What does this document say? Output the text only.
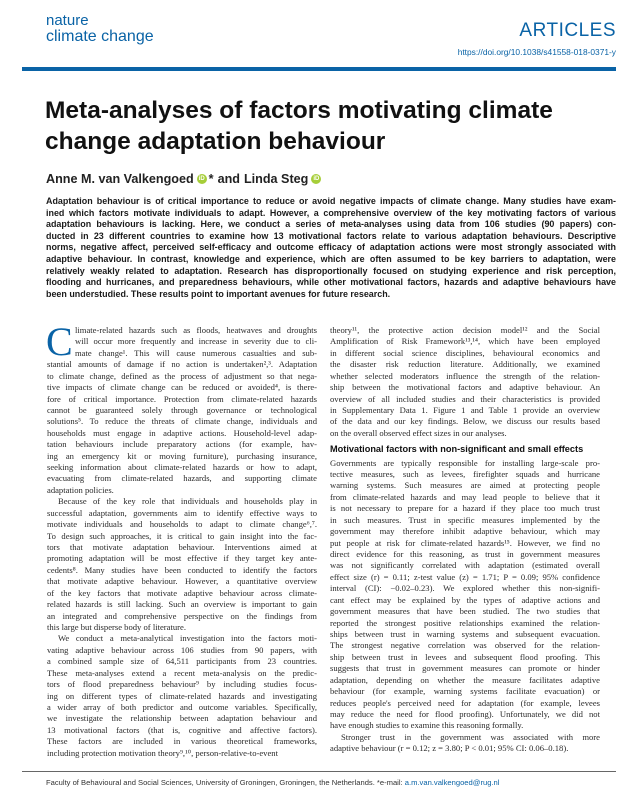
nature
climate change	ARTICLES
https://doi.org/10.1038/s41558-018-0371-y
Meta-analyses of factors motivating climate
change adaptation behaviour
Anne M. van Valkengoed iD * and Linda Steg iD
Adaptation behaviour is of critical importance to reduce or avoid negative impacts of climate change. Many studies have exam-
ined which factors motivate individuals to adapt. However, a comprehensive overview of the key motivating factors of various
adaptation behaviours is lacking. Here, we conduct a series of meta-analyses using data from 106 studies (90 papers) con-
ducted in 23 different countries to examine how 13 motivational factors relate to various adaptation behaviours. Descriptive
norms, negative affect, perceived self-efficacy and outcome efficacy of adaptation actions were most strongly associated with
adaptive behaviour. In contrast, knowledge and experience, which are often assumed to be key barriers to adaptation, were
relatively weakly related to adaptation. Research has disproportionally focused on studying experience and risk perception,
flooding and hurricanes, and preparedness behaviours, while other motivational factors, hazards and adaptive behaviours have
been understudied. These results point to important avenues for future research.
C limate-related hazards such as floods, heatwaves and droughts
will occur more frequently and increase in severity due to cli-
mate change¹. This will cause numerous casualties and sub-
stantial amounts of damage if no action is undertaken²,³. Adaptation
to climate change, defined as the process of adjustment so that nega-
tive impacts of climate change can be reduced or avoided⁴, is there-
fore of critical importance. Protection from climate-related hazards
cannot be guaranteed solely through governance or technological
solutions⁵. To reduce the threats of climate change, individuals and
households must engage in adaptive actions. Household-level adap-
tation behaviours include preparatory actions (for example, hav-
ing an emergency kit or moving furniture), purchasing insurance,
seeking information about climate-related hazards or how to adapt,
evacuating from climate-related hazards, and supporting climate
adaptation policies.
Because of the key role that individuals and households play in
successful adaptation, governments aim to identify effective ways to
motivate individuals and households to adapt to climate change⁶,⁷.
To design such approaches, it is critical to gain insight into the fac-
tors that motivate adaptation behaviour. Interventions aimed at
promoting adaptation will be most effective if they target key ante-
cedents⁸. Many studies have been conducted to identify the factors
that motivate adaptive behaviour. However, a quantitative overview
of the key factors that motivate adaptive behaviour across climate-
related hazards is still lacking. Such an overview is important to gain
an integrated and comprehensive perspective on the findings from
this large but disperse body of literature.
We conduct a meta-analytical investigation into the factors moti-
vating adaptive behaviour across 106 studies from 90 papers, with
a combined sample size of 64,511 participants from 23 countries.
These meta-analyses extend a recent meta-analysis on the predic-
tors of flood preparedness behaviour⁹ by including studies focus-
ing on different types of climate-related hazards and investigating
a wider array of both predictor and outcome variables. Specifically,
we investigate the relationship between adaptation behaviour and
13 motivational factors (that is, cognitive and affective factors).
These factors are included in various theoretical frameworks,
including protection motivation theory⁹,¹⁰, person-relative-to-event
theory¹¹, the protective action decision model¹² and the Social
Amplification of Risk Framework¹³,¹⁴, which have been employed
in different social science disciplines, behavioural economics and
the disaster risk reduction literature. Additionally, we examined
whether selected moderators influence the strength of the relation-
ship between the motivational factors and adaptive behaviour. An
overview of all included studies and their characteristics is provided
in Supplementary Data 1. Figure 1 and Table 1 provide an overview
of the data and our key findings. Below, we discuss our results based
on the overall observed effect sizes in our analyses.
Motivational factors with non-significant and small effects
Governments are typically responsible for installing large-scale pro-
tective measures, such as levees, firefighter squads and hurricane
warning systems. Such measures are aimed at protecting people
from climate-related hazards and may lead people to believe that it
is not necessary to prepare for a hazard if they place too much trust
in such measures. Trust in specific measures implemented by the
government may therefore inhibit adaptive behaviour, which may
put people at risk for climate-related hazards¹⁵. However, we find no
direct evidence for this reasoning, as trust in government measures
was not significantly correlated with adaptation (estimated overall
effect size (r) = 0.11; z-test value (z) = 1.71; P = 0.09; 95% confidence
interval (CI): −0.02–0.23). We explored whether this non-signifi-
cant effect may be explained by the types of adaptive actions and
government measures that have been studied. The two studies that
reported the strongest positive relationships examined the relation-
ships between trust in warning systems and subsequent evacuation.
The strongest negative correlation was observed for the relation-
ship between trust in levees and subsequent flood proofing. This
suggests that trust in government measures can promote or hinder
adaptation, depending on whether the measure facilitates adaptive
behaviour (for example, warning systems facilitate evacuation) or
reduces people's perceived need for adaptation (for example, levees
may reduce the need for flood proofing). Unfortunately, we did not
have enough studies to examine this reasoning formally.
Stronger trust in the government was associated with more
adaptive behaviour (r = 0.12; z = 3.80; P < 0.01; 95% CI: 0.06–0.18).
Faculty of Behavioural and Social Sciences, University of Groningen, Groningen, the Netherlands. *e-mail: a.m.van.valkengoed@rug.nl
